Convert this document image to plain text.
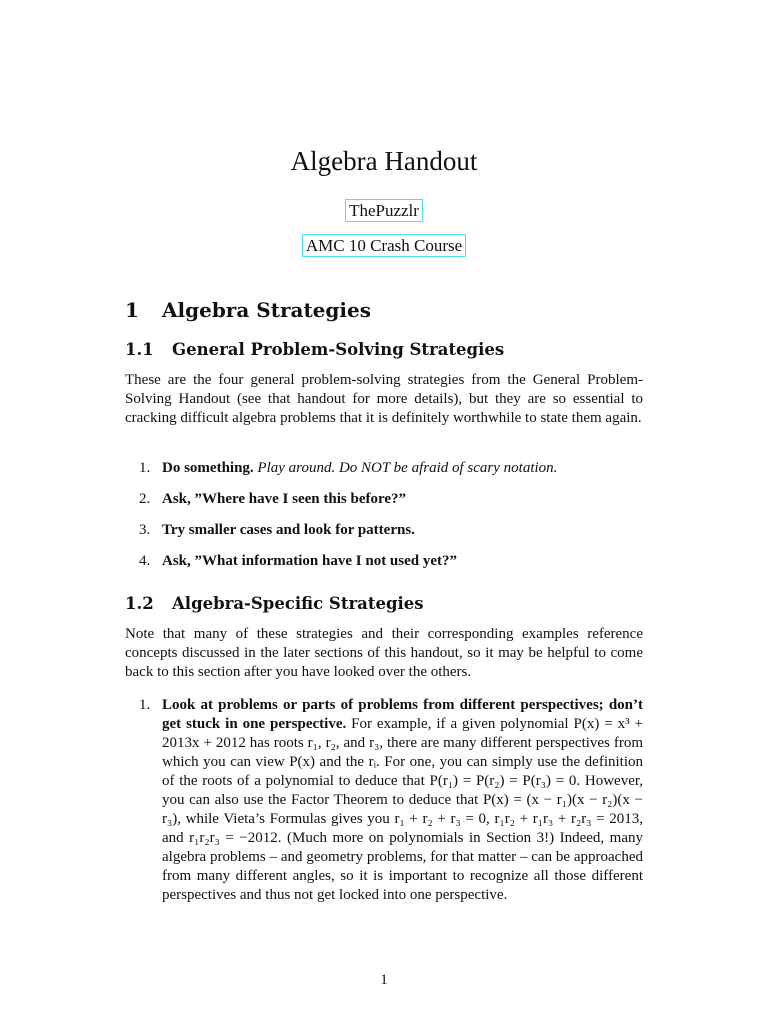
Algebra Handout
ThePuzzlr
AMC 10 Crash Course
1 Algebra Strategies
1.1 General Problem-Solving Strategies
These are the four general problem-solving strategies from the General Problem-Solving Handout (see that handout for more details), but they are so essential to cracking difficult algebra problems that it is definitely worthwhile to state them again.
1. Do something. Play around. Do NOT be afraid of scary notation.
2. Ask, ”Where have I seen this before?”
3. Try smaller cases and look for patterns.
4. Ask, ”What information have I not used yet?”
1.2 Algebra-Specific Strategies
Note that many of these strategies and their corresponding examples reference concepts discussed in the later sections of this handout, so it may be helpful to come back to this section after you have looked over the others.
1. Look at problems or parts of problems from different perspectives; don’t get stuck in one perspective. For example, if a given polynomial P(x) = x³ + 2013x + 2012 has roots r₁, r₂, and r₃, there are many different perspectives from which you can view P(x) and the rᵢ. For one, you can simply use the definition of the roots of a polynomial to deduce that P(r₁) = P(r₂) = P(r₃) = 0. However, you can also use the Factor Theorem to deduce that P(x) = (x − r₁)(x − r₂)(x − r₃), while Vieta’s Formulas gives you r₁ + r₂ + r₃ = 0, r₁r₂ + r₁r₃ + r₂r₃ = 2013, and r₁r₂r₃ = −2012. (Much more on polynomials in Section 3!) Indeed, many algebra problems – and geometry problems, for that matter – can be approached from many different angles, so it is important to recognize all those different perspectives and thus not get locked into one perspective.
1
